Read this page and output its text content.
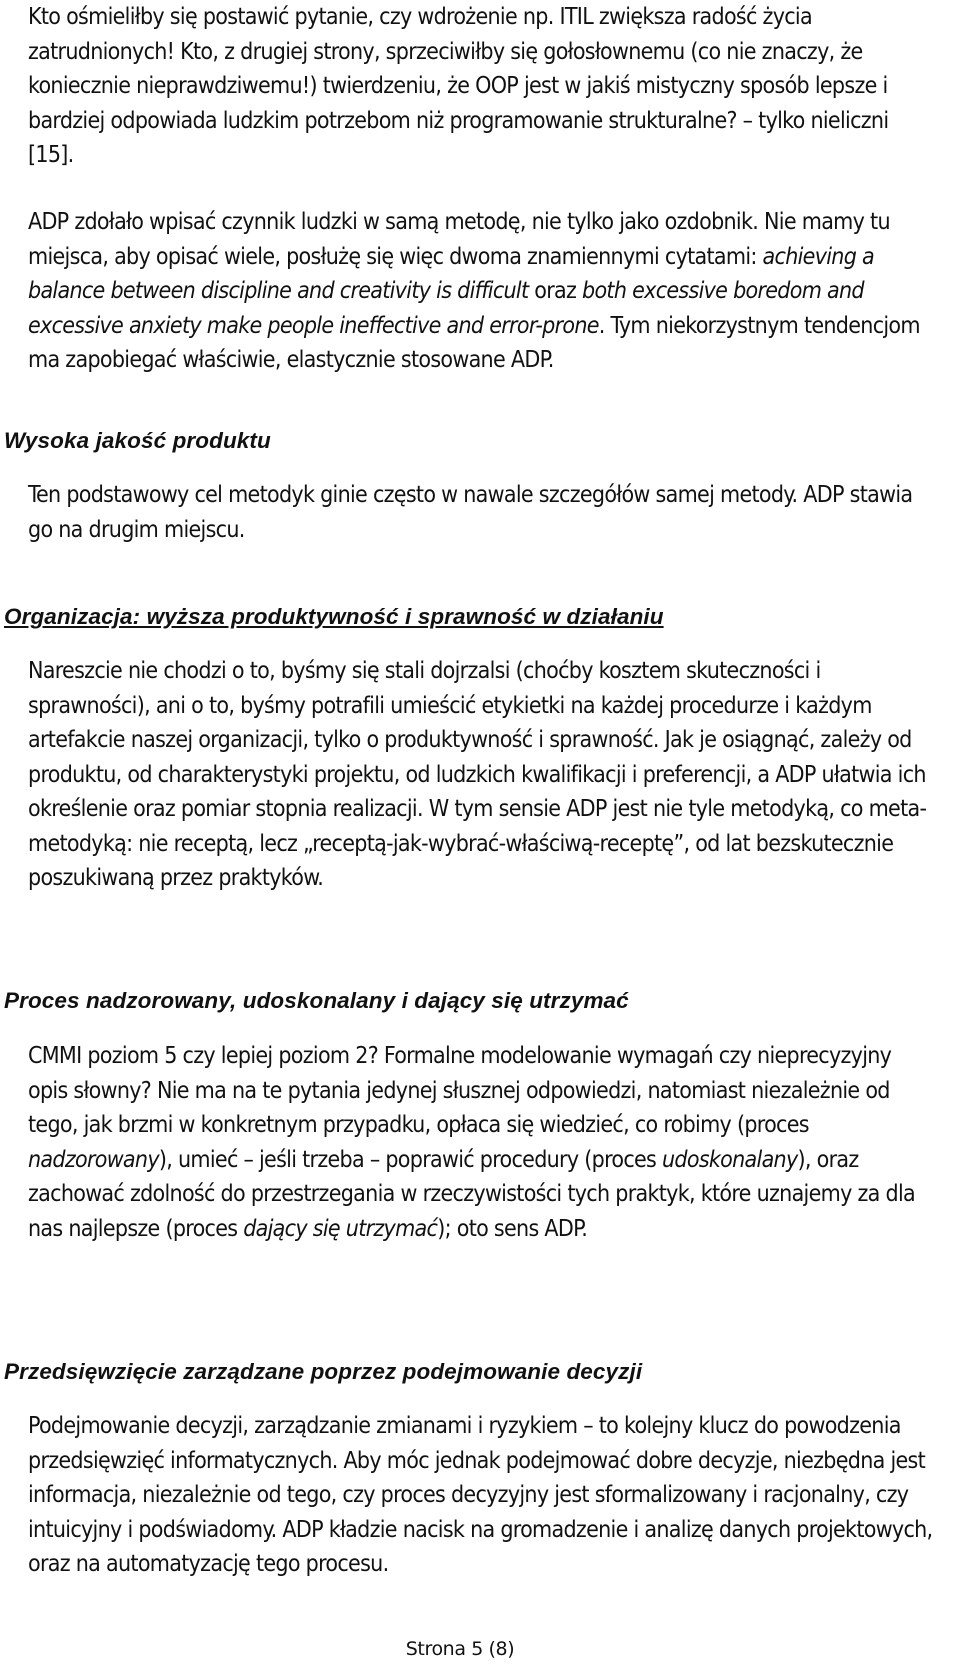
Kto ośmieliłby się postawić pytanie, czy wdrożenie np. ITIL zwiększa radość życia zatrudnionych! Kto, z drugiej strony, sprzeciwiłby się gołosłownemu (co nie znaczy, że koniecznie nieprawdziwemu!) twierdzeniu, że OOP jest w jakiś mistyczny sposób lepsze i bardziej odpowiada ludzkim potrzebom niż programowanie strukturalne? – tylko nieliczni [15].

ADP zdołało wpisać czynnik ludzki w samą metodę, nie tylko jako ozdobnik. Nie mamy tu miejsca, aby opisać wiele, posłużę się więc dwoma znamiennymi cytatami: achieving a balance between discipline and creativity is difficult oraz both excessive boredom and excessive anxiety make people ineffective and error-prone. Tym niekorzystnym tendencjom ma zapobiegać właściwie, elastycznie stosowane ADP.

Wysoka jakość produktu

Ten podstawowy cel metodyk ginie często w nawale szczegółów samej metody. ADP stawia go na drugim miejscu.

Organizacja: wyższa produktywność i sprawność w działaniu

Nareszcie nie chodzi o to, byśmy się stali dojrzalsi (choćby kosztem skuteczności i sprawności), ani o to, byśmy potrafili umieścić etykietki na każdej procedurze i każdym artefakcie naszej organizacji, tylko o produktywność i sprawność. Jak je osiągnąć, zależy od produktu, od charakterystyki projektu, od ludzkich kwalifikacji i preferencji, a ADP ułatwia ich określenie oraz pomiar stopnia realizacji. W tym sensie ADP jest nie tyle metodyką, co meta-metodyką: nie receptą, lecz „receptą-jak-wybrać-właściwą-receptę”, od lat bezskutecznie poszukiwaną przez praktyków.

Proces nadzorowany, udoskonalany i dający się utrzymać

CMMI poziom 5 czy lepiej poziom 2? Formalne modelowanie wymagań czy nieprecyzyjny opis słowny? Nie ma na te pytania jedynej słusznej odpowiedzi, natomiast niezależnie od tego, jak brzmi w konkretnym przypadku, opłaca się wiedzieć, co robimy (proces nadzorowany), umieć – jeśli trzeba – poprawić procedury (proces udoskonalany), oraz zachować zdolność do przestrzegania w rzeczywistości tych praktyk, które uznajemy za dla nas najlepsze (proces dający się utrzymać); oto sens ADP.

Przedsięwzięcie zarządzane poprzez podejmowanie decyzji

Podejmowanie decyzji, zarządzanie zmianami i ryzykiem – to kolejny klucz do powodzenia przedsięwzięć informatycznych. Aby móc jednak podejmować dobre decyzje, niezbędna jest informacja, niezależnie od tego, czy proces decyzyjny jest sformalizowany i racjonalny, czy intuicyjny i podświadomy. ADP kładzie nacisk na gromadzenie i analizę danych projektowych, oraz na automatyzację tego procesu.

Strona 5 (8)
